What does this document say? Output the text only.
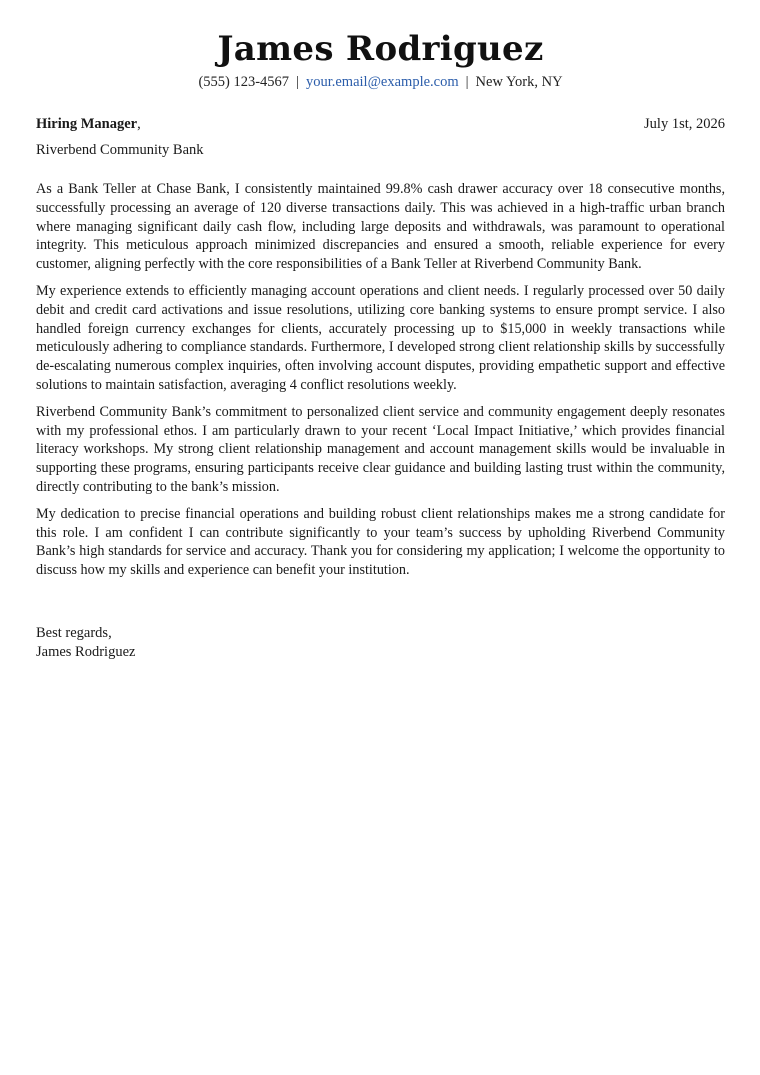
James Rodriguez
(555) 123-4567 | your.email@example.com | New York, NY
Hiring Manager,	July 1st, 2026
Riverbend Community Bank

As a Bank Teller at Chase Bank, I consistently maintained 99.8% cash drawer accuracy over 18 consecutive months, successfully processing an average of 120 diverse transactions daily. This was achieved in a high-traffic urban branch where managing significant daily cash flow, including large deposits and withdrawals, was paramount to operational integrity. This meticulous approach minimized discrepancies and ensured a smooth, reliable experience for every customer, aligning perfectly with the core responsibilities of a Bank Teller at Riverbend Community Bank.

My experience extends to efficiently managing account operations and client needs. I regularly processed over 50 daily debit and credit card activations and issue resolutions, utilizing core banking systems to ensure prompt service. I also handled foreign currency exchanges for clients, accurately processing up to $15,000 in weekly transactions while meticulously adhering to compliance standards. Furthermore, I developed strong client relationship skills by successfully de-escalating numerous complex inquiries, often involving account disputes, providing empathetic support and effective solutions to maintain satisfaction, averaging 4 conflict resolutions weekly.

Riverbend Community Bank’s commitment to personalized client service and community engagement deeply resonates with my professional ethos. I am particularly drawn to your recent ‘Local Impact Initiative,’ which provides financial literacy workshops. My strong client relationship management and account management skills would be invaluable in supporting these programs, ensuring participants receive clear guidance and building lasting trust within the community, directly contributing to the bank’s mission.

My dedication to precise financial operations and building robust client relationships makes me a strong candidate for this role. I am confident I can contribute significantly to your team’s success by upholding Riverbend Community Bank’s high standards for service and accuracy. Thank you for considering my application; I welcome the opportunity to discuss how my skills and experience can benefit your institution.

Best regards,
James Rodriguez
